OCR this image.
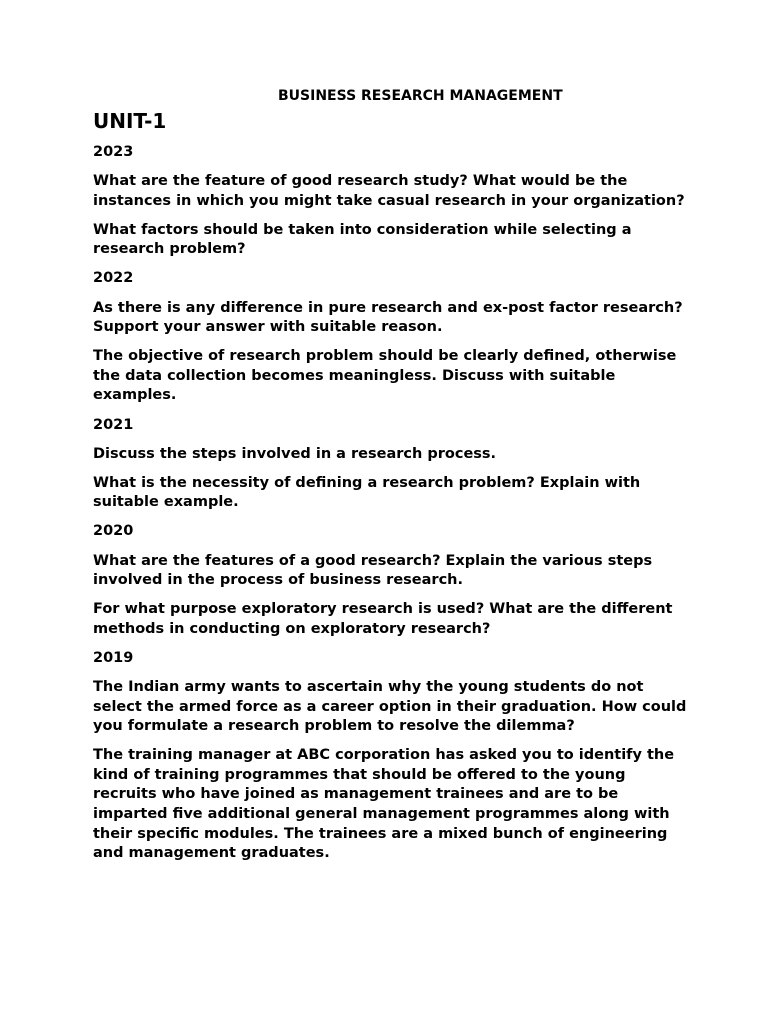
BUSINESS RESEARCH MANAGEMENT
UNIT-1
2023
What are the feature of good research study? What would be the instances in which you might take casual research in your organization?
What factors should be taken into consideration while selecting a research problem?
2022
As there is any difference in pure research and ex-post factor research? Support your answer with suitable reason.
The objective of research problem should be clearly defined, otherwise the data collection becomes meaningless. Discuss with suitable examples.
2021
Discuss the steps involved in a research process.
What is the necessity of defining a research problem? Explain with suitable example.
2020
What are the features of a good research? Explain the various steps involved in the process of business research.
For what purpose exploratory research is used? What are the different methods in conducting on exploratory research?
2019
The Indian army wants to ascertain why the young students do not select the armed force as a career option in their graduation. How could you formulate a research problem to resolve the dilemma?
The training manager at ABC corporation has asked you to identify the kind of training programmes that should be offered to the young recruits who have joined as management trainees and are to be imparted five additional general management programmes along with their specific modules. The trainees are a mixed bunch of engineering and management graduates.
